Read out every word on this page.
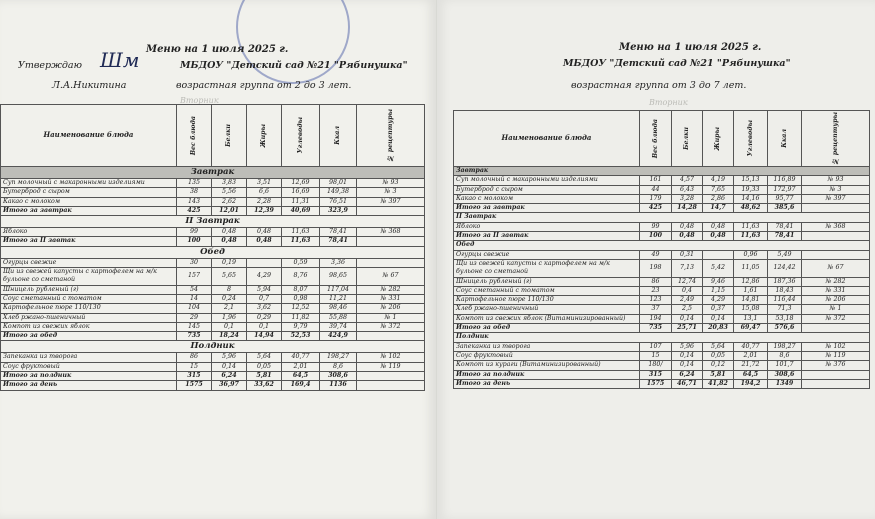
Шм Меню на 1 июля 2025 г.
Утверждаю	МБДОУ "Детский сад №21 "Рябинушка"
Л.А.Никитина	возрастная группа от 2 до 3 лет.
Вторник
Наименование блюда	Вес блюда	Белки	Жиры	Углеводы	Ккал	№ рецептуры

Завтрак						
Суп молочный с макаронными изделиями	135	3,83	3,51	12,69	98,01	№ 93
Бутерброд с сыром	38	5,56	6,6	16,69	149,38	№ 3
Какао с молоком	143	2,62	2,28	11,31	76,51	№ 397
Итого за завтрак	425	12,01	12,39	40,69	323,9	
II Завтрак						
Яблоко	99	0,48	0,48	11,63	78,41	№ 368
Итого за II завтак	100	0,48	0,48	11,63	78,41	
Обед						
Огурцы свежие	30	0,19		0,59	3,36	
Щи из свежей капусты с картофелем на м/к бульоне со сметаной	157	5,65	4,29	8,76	98,65	№ 67
Шницель рубленый (г)	54	8	5,94	8,07	117,04	№ 282
Соус сметанный с томатом	14	0,24	0,7	0,98	11,21	№ 331
Картофельное пюре 110/130	104	2,1	3,62	12,52	98,46	№ 206
Хлеб ржано-пшеничный	29	1,96	0,29	11,82	55,88	№ 1
Компот из свежих яблок	145	0,1	0,1	9,79	39,74	№ 372
Итого за обед	735	18,24	14,94	52,53	424,9	
Полдник						
Запеканка из творога	86	5,96	5,64	40,77	198,27	№ 102
Соус фруктовый	15	0,14	0,05	2,01	8,6	№ 119
Итого за полдник	315	6,24	5,81	64,5	308,6	
Итого за день	1575	36,97	33,62	169,4	1136	
Меню на 1 июля 2025 г.
МБДОУ "Детский сад №21 "Рябинушка"
возрастная группа от 3 до 7 лет.
Вторник
Наименование блюда	Вес блюда	Белки	Жиры	Углеводы	Ккал	№ рецептуры

Завтрак						
Суп молочный с макаронными изделиями	161	4,57	4,19	15,13	116,89	№ 93
Бутерброд с сыром	44	6,43	7,65	19,33	172,97	№ 3
Какао с молоком	179	3,28	2,86	14,16	95,77	№ 397
Итого за завтрак	425	14,28	14,7	48,62	385,6	
II Завтрак						
Яблоко	99	0,48	0,48	11,63	78,41	№ 368
Итого за II завтак	100	0,48	0,48	11,63	78,41	
Обед						
Огурцы свежие	49	0,31		0,96	5,49	
Щи из свежей капусты с картофелем на м/к бульоне со сметаной	198	7,13	5,42	11,05	124,42	№ 67
Шницель рубленый (г)	86	12,74	9,46	12,86	187,36	№ 282
Соус сметанный с томатом	23	0,4	1,15	1,61	18,43	№ 331
Картофельное пюре 110/130	123	2,49	4,29	14,81	116,44	№ 206
Хлеб ржано-пшеничный	37	2,5	0,37	15,08	71,3	№ 1
Компот из свежих яблок (Витаминизированный)	194	0,14	0,14	13,1	53,18	№ 372
Итого за обед	735	25,71	20,83	69,47	576,6	
Полдник						
Запеканка из творога	107	5,96	5,64	40,77	198,27	№ 102
Соус фруктовый	15	0,14	0,05	2,01	8,6	№ 119
Компот из кураги (Витаминизированный)	180/	0,14	0,12	21,72	101,7	№ 376
Итого за полдник	315	6,24	5,81	64,5	308,6	
Итого за день	1575	46,71	41,82	194,2	1349	
